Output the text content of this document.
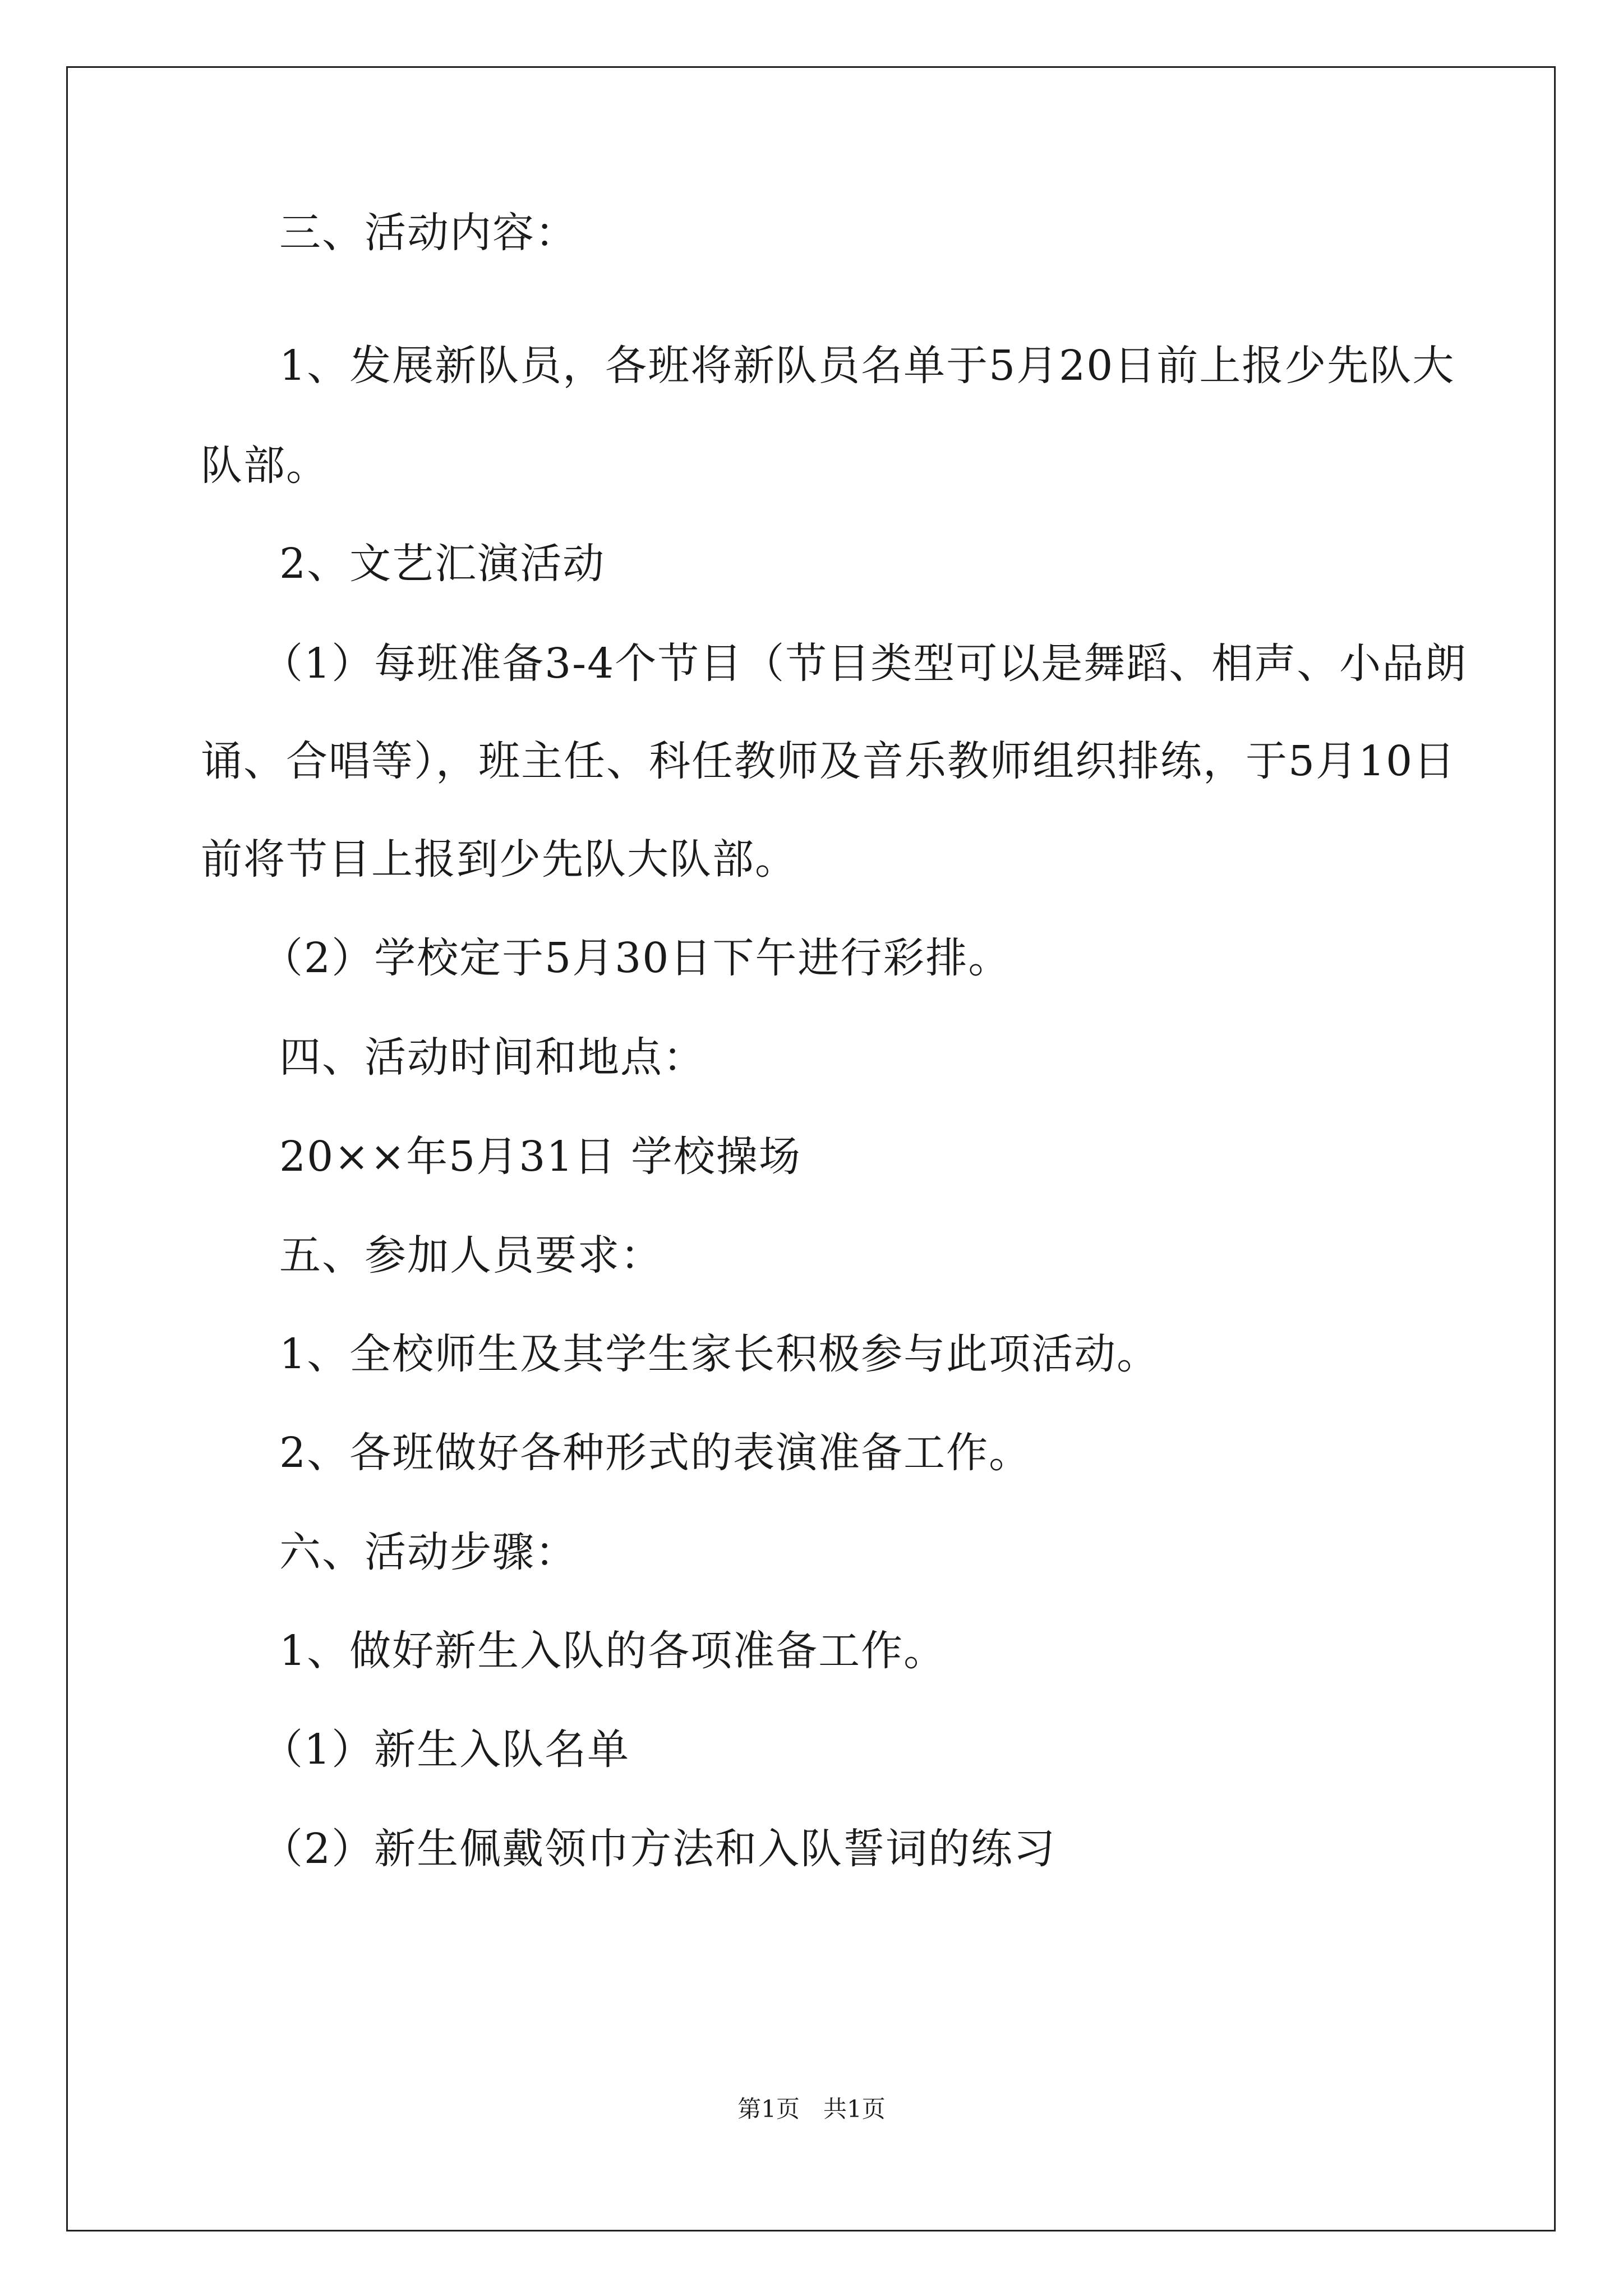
三、活动内容：
1、发展新队员，各班将新队员名单于5月20日前上报少先队大
队部。
2、文艺汇演活动
（1）每班准备3-4个节目（节目类型可以是舞蹈、相声、小品朗
诵、合唱等），班主任、科任教师及音乐教师组织排练，于5月10日
前将节目上报到少先队大队部。
（2）学校定于5月30日下午进行彩排。
四、活动时间和地点：
20××年5月31日 学校操场
五、参加人员要求：
1、全校师生及其学生家长积极参与此项活动。
2、各班做好各种形式的表演准备工作。
六、活动步骤：
1、做好新生入队的各项准备工作。
（1）新生入队名单
（2）新生佩戴领巾方法和入队誓词的练习
第1页　共1页
